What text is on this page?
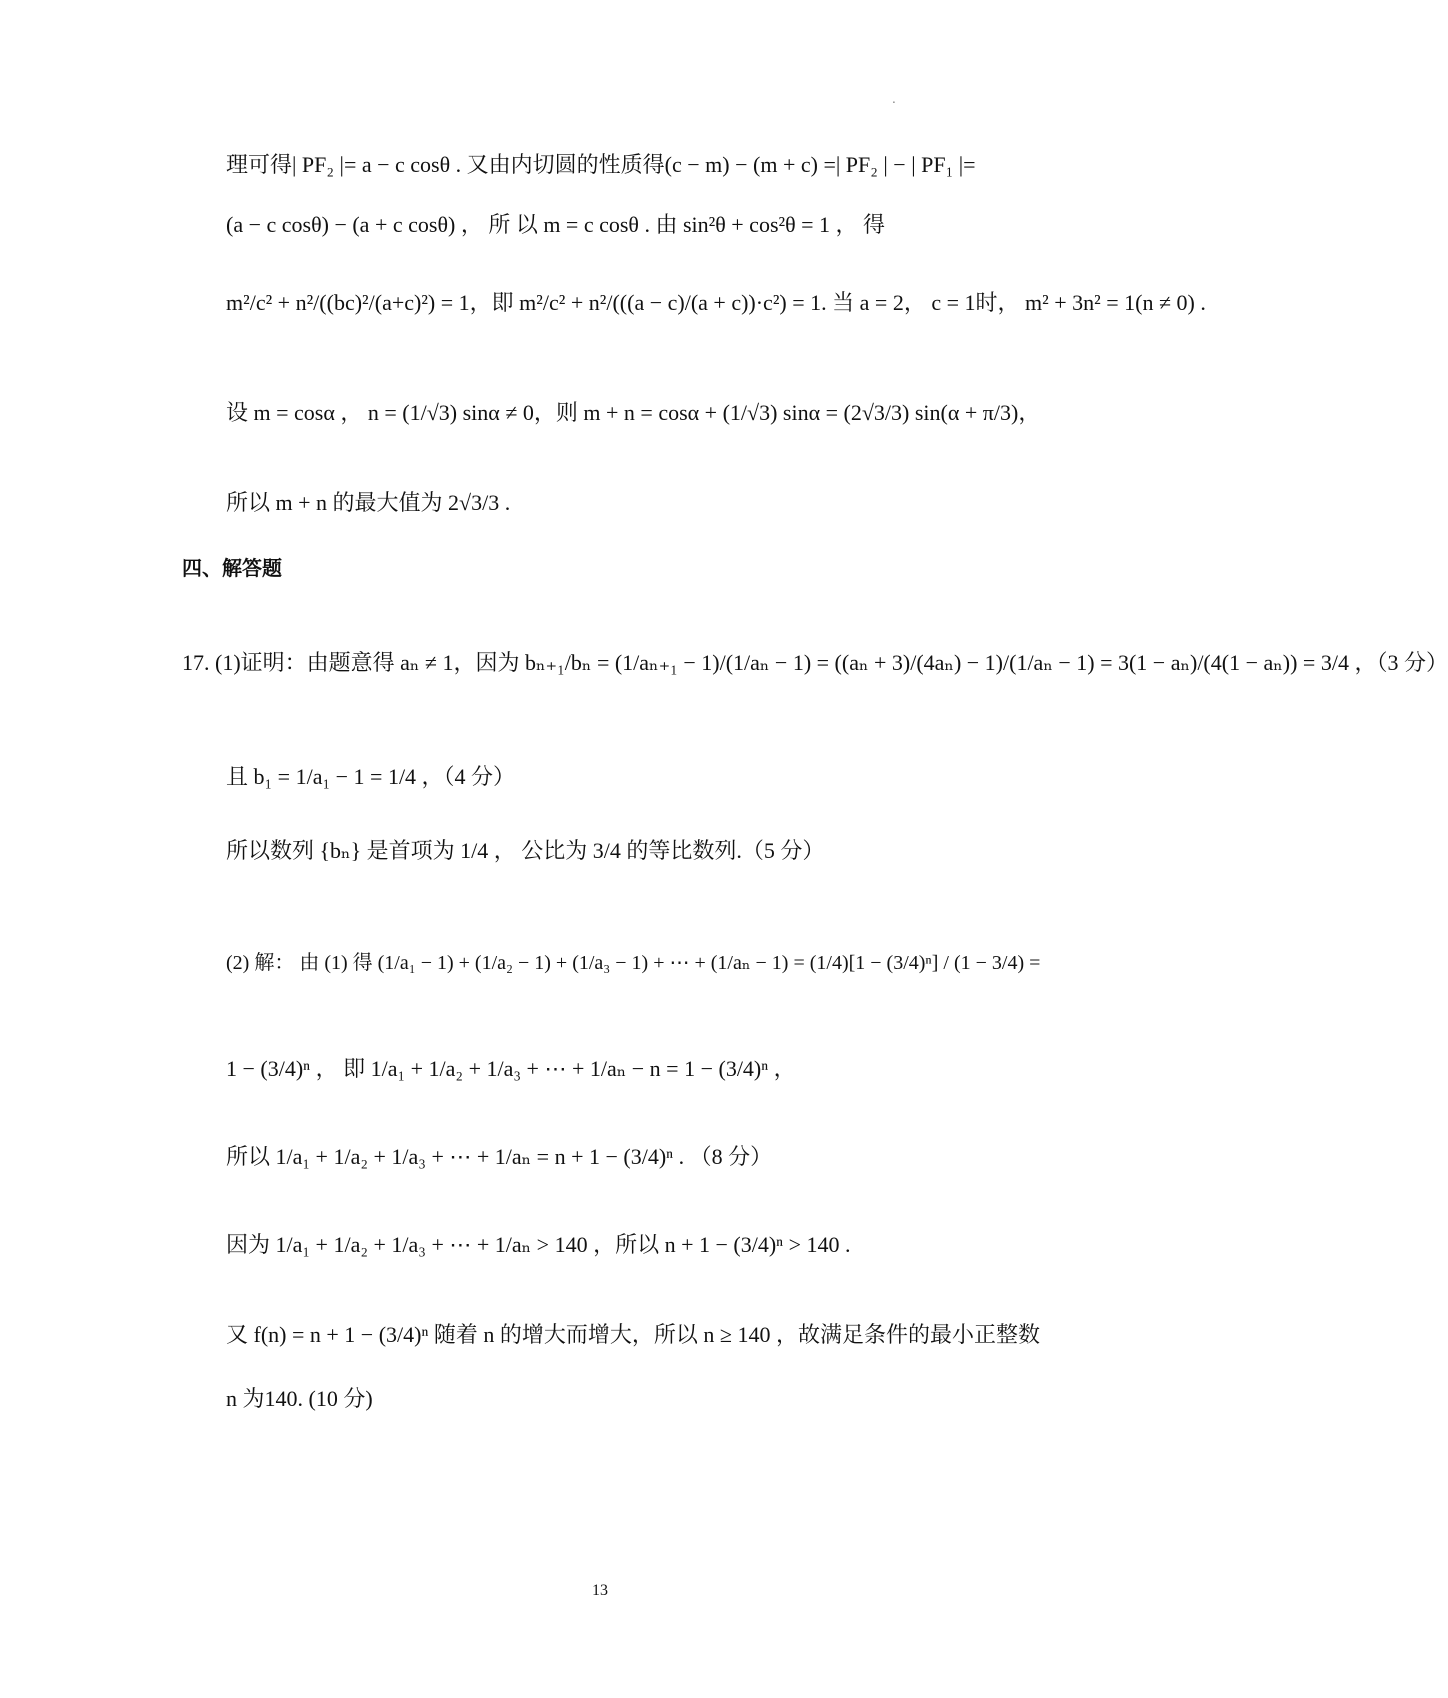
.
理可得| PF₂ |= a − c cosθ . 又由内切圆的性质得(c − m) − (m + c) =| PF₂ | − | PF₁ |=
(a − c cosθ) − (a + c cosθ) ， 所 以 m = c cosθ . 由 sin²θ + cos²θ = 1 ， 得
m²/c² + n²/((bc)²/(a+c)²) = 1，即 m²/c² + n²/(((a − c)/(a + c))·c²) = 1. 当 a = 2， c = 1时， m² + 3n² = 1(n ≠ 0) .
设 m = cosα ， n = (1/√3) sinα ≠ 0，则 m + n = cosα + (1/√3) sinα = (2√3/3) sin(α + π/3)，
所以 m + n 的最大值为 2√3/3 .
四、解答题
17. (1)证明：由题意得 aₙ ≠ 1，因为 bₙ₊₁/bₙ = (1/aₙ₊₁ − 1)/(1/aₙ − 1) = ((aₙ + 3)/(4aₙ) − 1)/(1/aₙ − 1) = 3(1 − aₙ)/(4(1 − aₙ)) = 3/4 ，（3 分）
且 b₁ = 1/a₁ − 1 = 1/4 ，（4 分）
所以数列 {bₙ} 是首项为 1/4 ， 公比为 3/4 的等比数列.（5 分）
(2) 解： 由 (1) 得 (1/a₁ − 1) + (1/a₂ − 1) + (1/a₃ − 1) + ⋯ + (1/aₙ − 1) = (1/4)[1 − (3/4)ⁿ] / (1 − 3/4) =
1 − (3/4)ⁿ ， 即 1/a₁ + 1/a₂ + 1/a₃ + ⋯ + 1/aₙ − n = 1 − (3/4)ⁿ ，
所以 1/a₁ + 1/a₂ + 1/a₃ + ⋯ + 1/aₙ = n + 1 − (3/4)ⁿ . （8 分）
因为 1/a₁ + 1/a₂ + 1/a₃ + ⋯ + 1/aₙ > 140 ，所以 n + 1 − (3/4)ⁿ > 140 .
又 f(n) = n + 1 − (3/4)ⁿ 随着 n 的增大而增大，所以 n ≥ 140 ，故满足条件的最小正整数
n 为140. (10 分)
13
